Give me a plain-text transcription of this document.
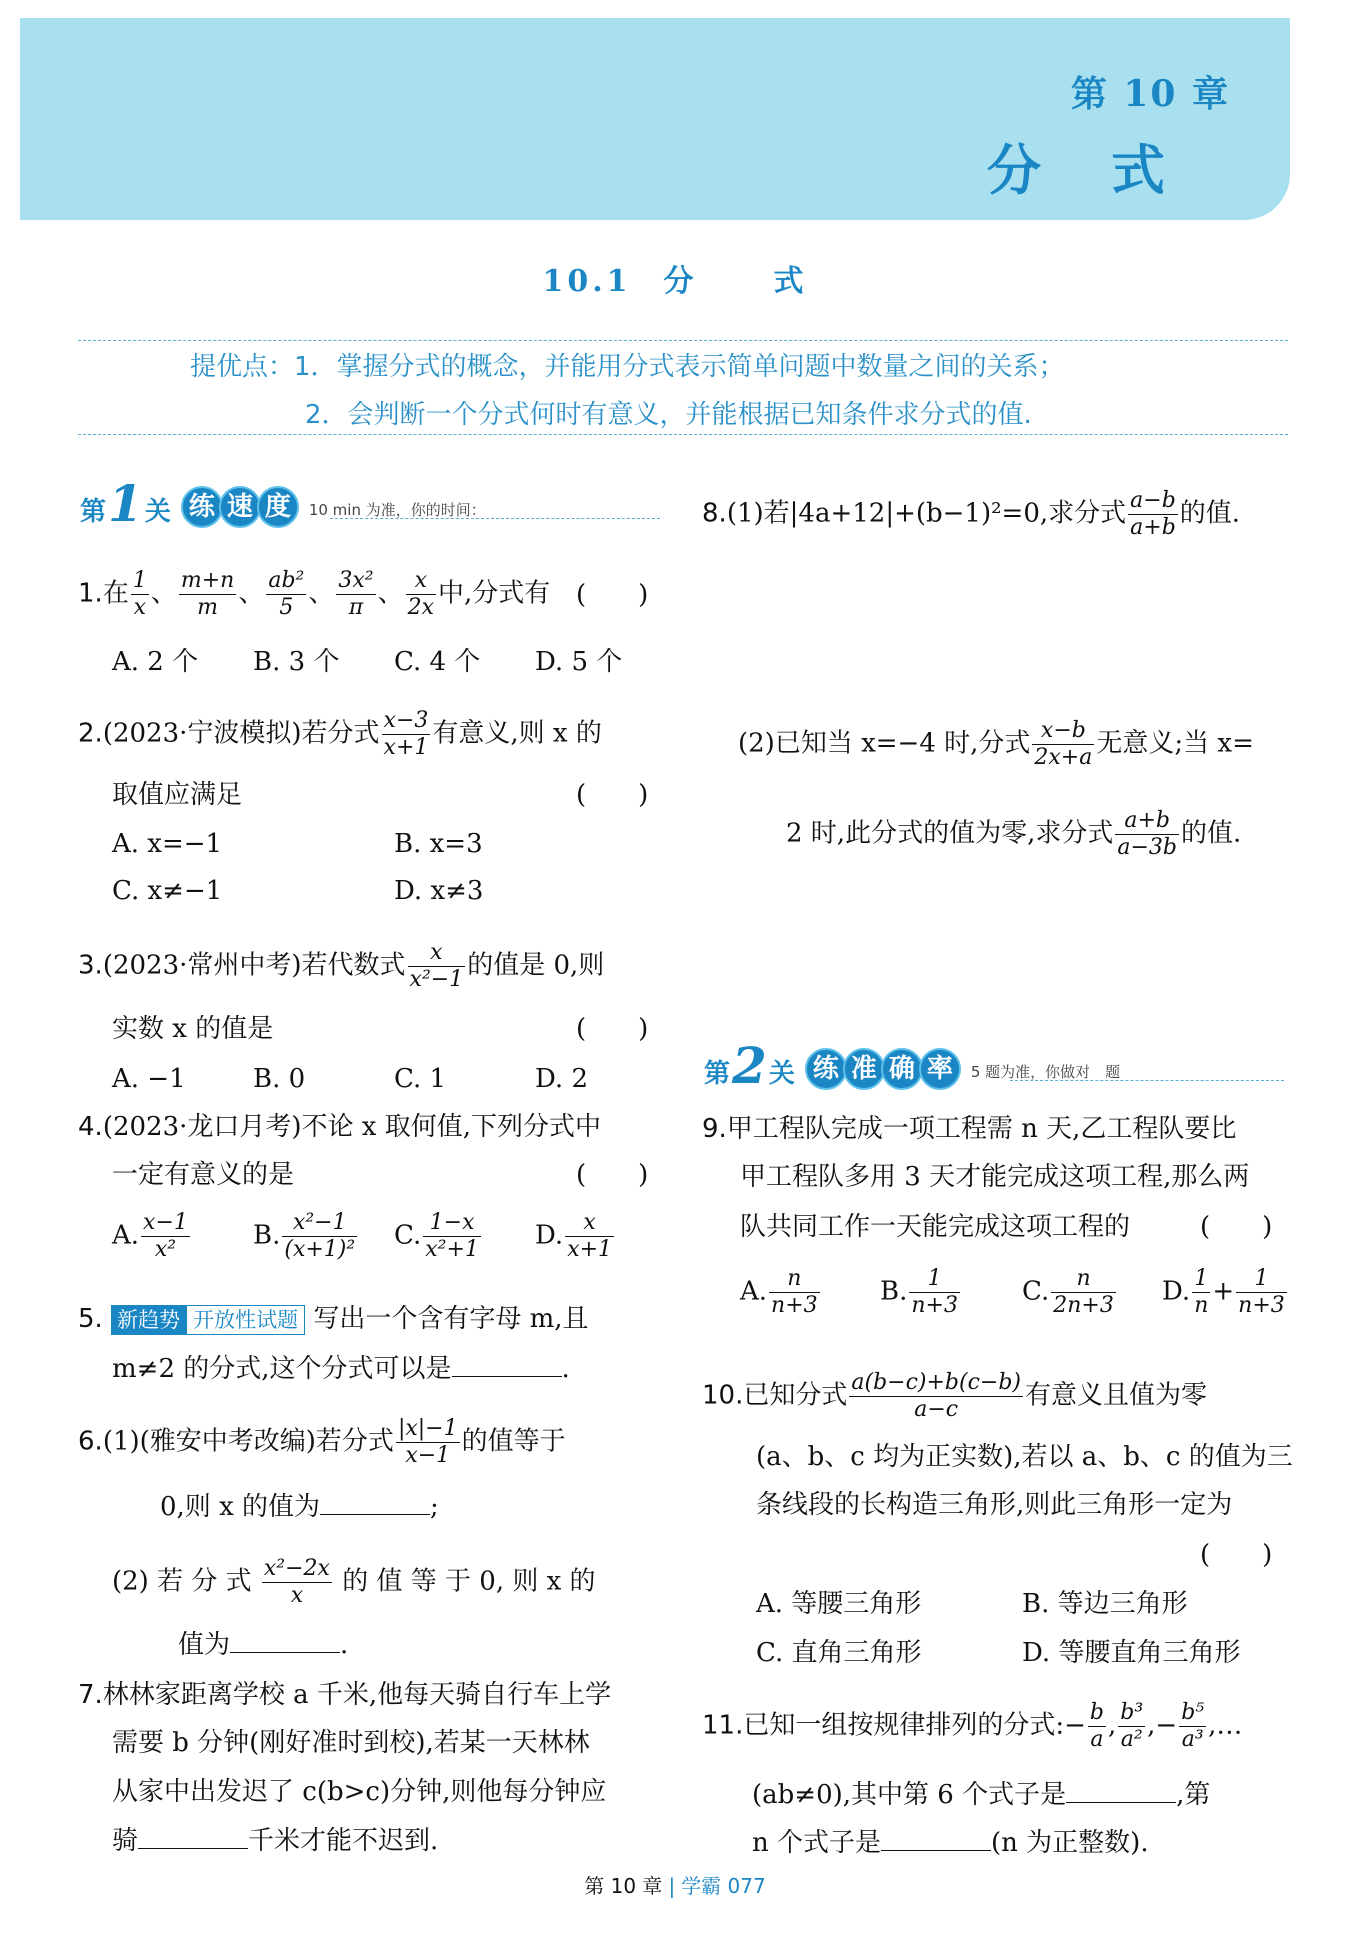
第 10 章
分式
10.1 分	式
提优点：1．掌握分式的概念，并能用分式表示简单问题中数量之间的关系；
2．会判断一个分式何时有意义，并能根据已知条件求分式的值.
第 1 关 练 速 度	10 min 为准，你的时间：
1.在 $\frac{1}{x}$ 、 $\frac{m+n}{m}$ 、 $\frac{\text{ab²}}{5}$ 、 $\frac{\text{3x²}}{\pi}$ 、 $\frac{x}{2x}$ 中,分式有 (　　)
A. 2 个 B. 3 个 C. 4 个 D. 5 个
2.(2023·宁波模拟)若分式 $\frac{x-3}{x+1}$ 有意义,则 x 的
取值应满足	(　　)
A. x=−1	B. x=3
C. x≠−1	D. x≠3
3.(2023·常州中考)若代数式 $\frac{x}{\text{x²−1}}$ 的值是 0,则
实数 x 的值是	(　　)
A. −1	B. 0	C. 1	D. 2
4.(2023·龙口月考)不论 x 取何值,下列分式中
一定有意义的是	(　　)
A. $\frac{x-1}{\text{x²}} B$. $\frac{\text{x²−1}}{\text{(x+1)²}} C$. $\frac{1-x}{\text{x²+1}} D$. $\frac{x}{x+1}$
5. 新趋势 开放性试题 写出一个含有字母 m,且
m≠2 的分式,这个分式可以是	.
6.(1)(雅安中考改编)若分式 $\frac{|x|-1}{x-1}$ 的值等于
0,则 x 的值为	;
(2) 若 分 式 $\frac{\text{x²−2x}}{x}$ 的 值 等 于 0, 则 x 的
值为	.
7.林林家距离学校 a 千米,他每天骑自行车上学
需要 b 分钟(刚好准时到校),若某一天林林
从家中出发迟了 c(b>c)分钟,则他每分钟应
骑	千米才能不迟到.
8.(1)若|4a+12|+(b−1)²=0,求分式 $\frac{a-b}{a+b}$ 的值.
(2)已知当 x=−4 时,分式 $\frac{x-b}{2x+a}$ 无意义;当 x=
2 时,此分式的值为零,求分式 $\frac{a+b}{a-3b}$ 的值.
第 2 关 练 准 确 率	5 题为准，你做对　题
9.甲工程队完成一项工程需 n 天,乙工程队要比
甲工程队多用 3 天才能完成这项工程,那么两
队共同工作一天能完成这项工程的	(　　)
A. $\frac{n}{n+3} B$. $\frac{1}{n+3} C$. $\frac{n}{2n+3} D$. $\frac{1}{n} + \frac{1}{n+3}$
10.已知分式 $\frac{a(b-c)+b(c-b)}{a-c}$ 有意义且值为零
(a、b、c 均为正实数),若以 a、b、c 的值为三
条线段的长构造三角形,则此三角形一定为
(　　)
A. 等腰三角形	B. 等边三角形
C. 直角三角形	D. 等腰直角三角形
11.已知一组按规律排列的分式:− $\frac{b}{a}$ , $\frac{\text{b³}}{\text{a²}}$ ,− $\frac{\text{b⁵}}{\text{a³}}$ ,…
(ab≠0),其中第 6 个式子是	,第
n 个式子是	(n 为正整数).
第 10 章 | 学霸 077
